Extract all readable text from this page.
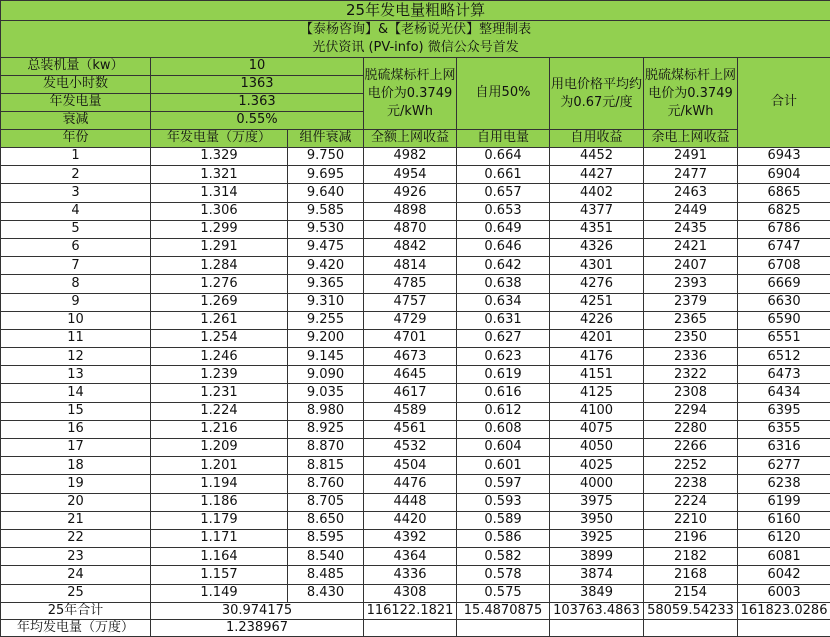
25年发电量粗略计算							
【泰杨咨询】&【老杨说光伏】整理制表							
光伏资讯 (PV-info) 微信公众号首发							
总装机量（kw）	10		脱硫煤标杆上网电价为0.3749元/kWh	自用50%	用电价格平均约为0.67元/度	脱硫煤标杆上网电价为0.3749元/kWh	合计
发电小时数	1363						
年发电量	1.363						
衰减	0.55%						
年份	年发电量（万度）	组件衰减	全额上网收益	自用电量	自用收益	余电上网收益	
1	1.329	9.750	4982	0.664	4452	2491	6943
2	1.321	9.695	4954	0.661	4427	2477	6904
3	1.314	9.640	4926	0.657	4402	2463	6865
4	1.306	9.585	4898	0.653	4377	2449	6825
5	1.299	9.530	4870	0.649	4351	2435	6786
6	1.291	9.475	4842	0.646	4326	2421	6747
7	1.284	9.420	4814	0.642	4301	2407	6708
8	1.276	9.365	4785	0.638	4276	2393	6669
9	1.269	9.310	4757	0.634	4251	2379	6630
10	1.261	9.255	4729	0.631	4226	2365	6590
11	1.254	9.200	4701	0.627	4201	2350	6551
12	1.246	9.145	4673	0.623	4176	2336	6512
13	1.239	9.090	4645	0.619	4151	2322	6473
14	1.231	9.035	4617	0.616	4125	2308	6434
15	1.224	8.980	4589	0.612	4100	2294	6395
16	1.216	8.925	4561	0.608	4075	2280	6355
17	1.209	8.870	4532	0.604	4050	2266	6316
18	1.201	8.815	4504	0.601	4025	2252	6277
19	1.194	8.760	4476	0.597	4000	2238	6238
20	1.186	8.705	4448	0.593	3975	2224	6199
21	1.179	8.650	4420	0.589	3950	2210	6160
22	1.171	8.595	4392	0.586	3925	2196	6120
23	1.164	8.540	4364	0.582	3899	2182	6081
24	1.157	8.485	4336	0.578	3874	2168	6042
25	1.149	8.430	4308	0.575	3849	2154	6003
25年合计	30.974175		116122.1821	15.4870875	103763.4863	58059.54233	161823.0286
年均发电量（万度）	1.238967						
